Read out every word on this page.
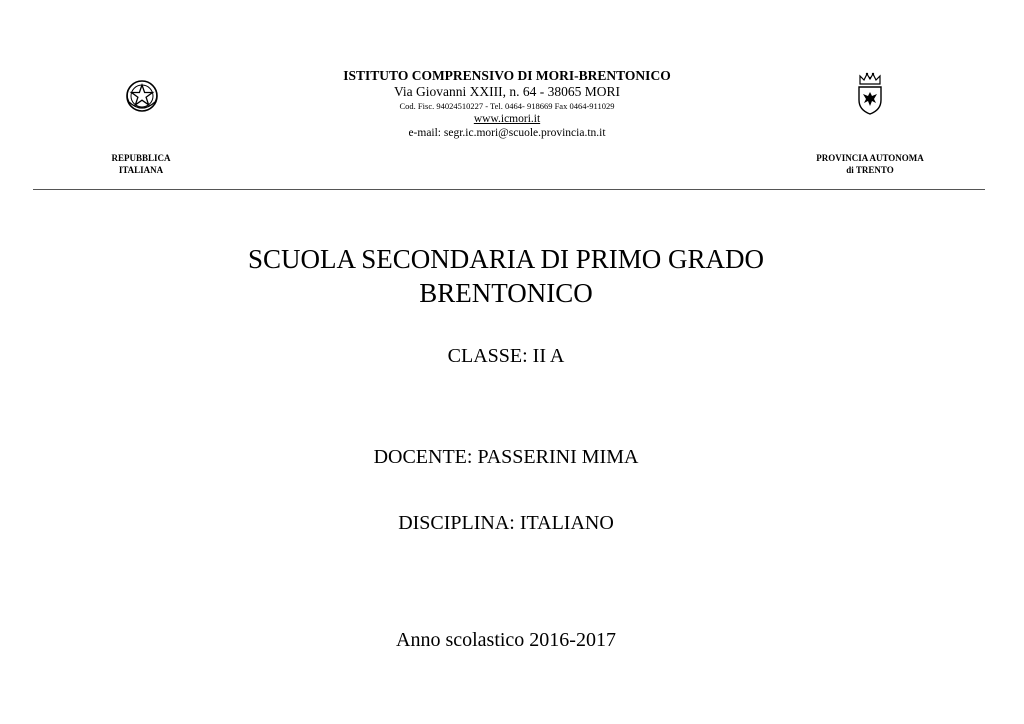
REPUBBLICA
ITALIANA
ISTITUTO COMPRENSIVO DI MORI-BRENTONICO
Via Giovanni XXIII, n. 64 - 38065 MORI
Cod. Fisc. 94024510227 - Tel. 0464- 918669 Fax 0464-911029
www.icmori.it
e-mail: segr.ic.mori@scuole.provincia.tn.it
PROVINCIA AUTONOMA
di TRENTO
SCUOLA SECONDARIA DI PRIMO GRADO
BRENTONICO
CLASSE: II A
DOCENTE: PASSERINI MIMA
DISCIPLINA: ITALIANO
Anno scolastico 2016-2017
